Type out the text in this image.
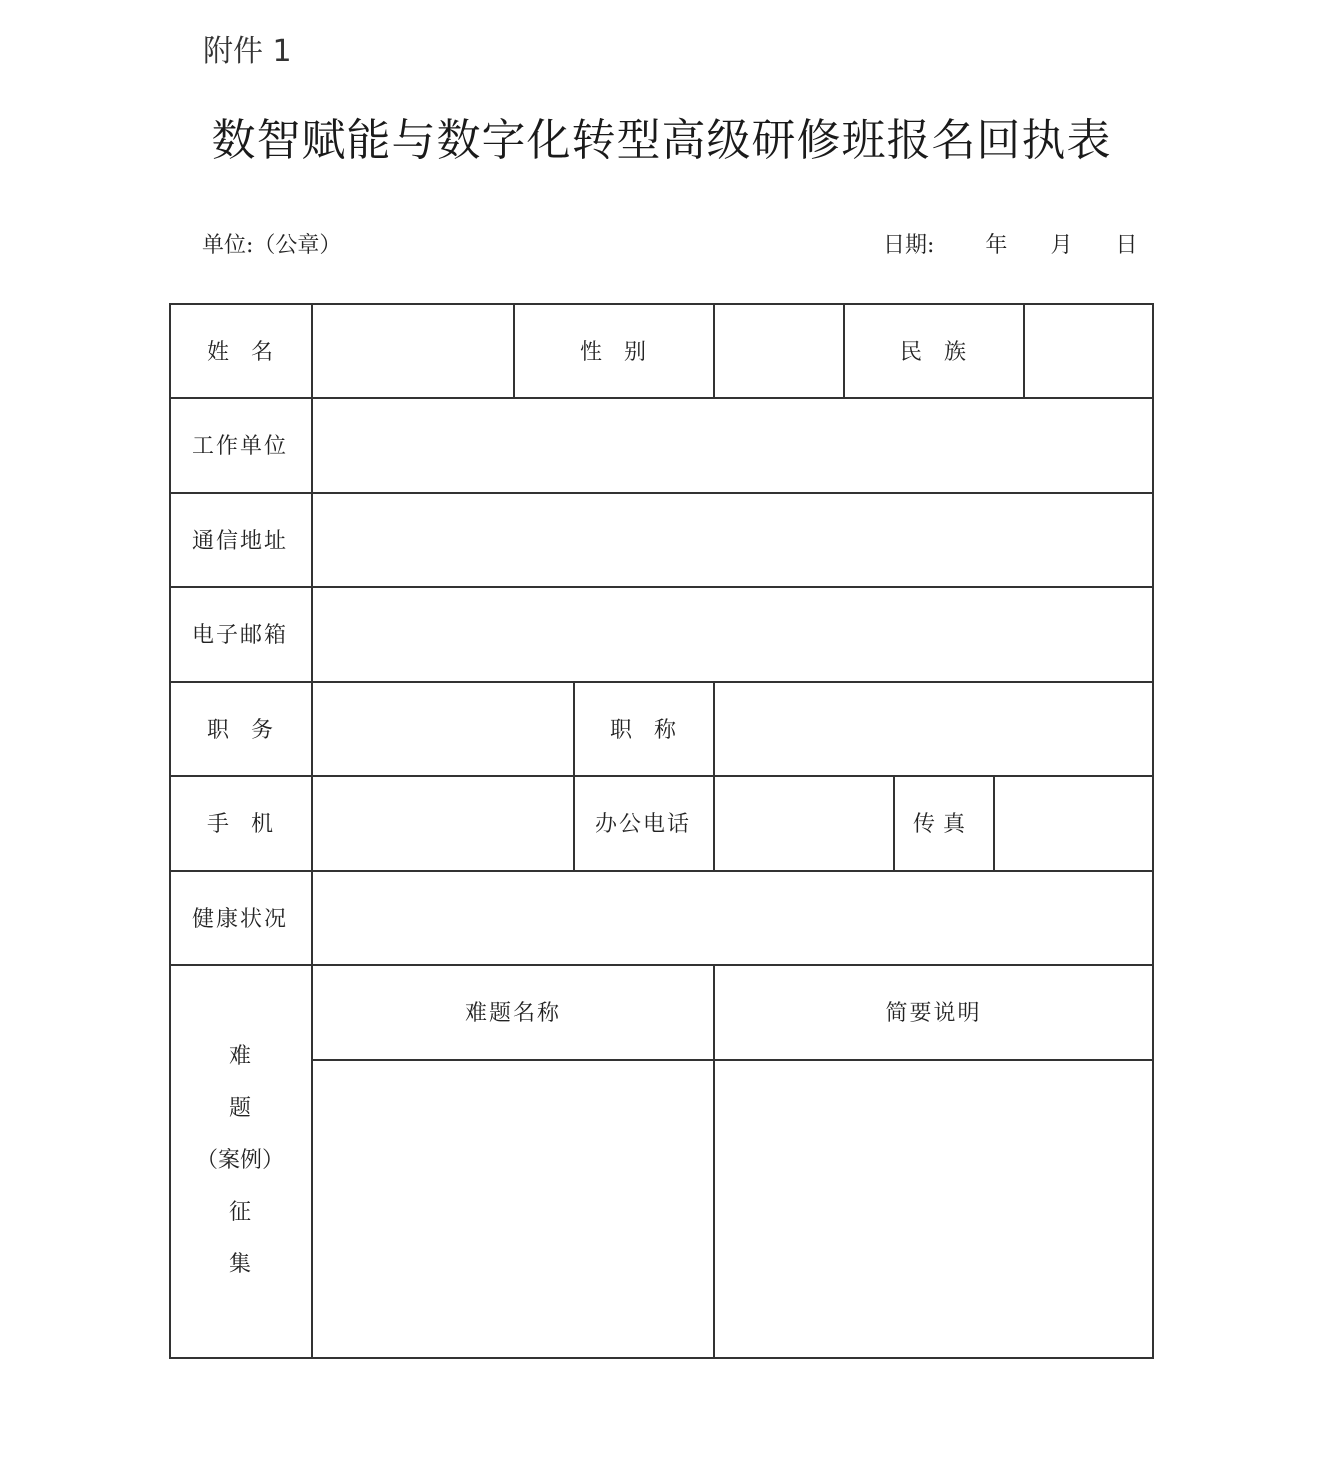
附件 1
数智赋能与数字化转型高级研修班报名回执表
单位:（公章）	日期: 年 月 日
姓名	性别	民族
工作单位
通信地址
电子邮箱
职务	职称
手机	办公电话	传真
健康状况
难
题
（案例）
征
集
难题名称	简要说明
